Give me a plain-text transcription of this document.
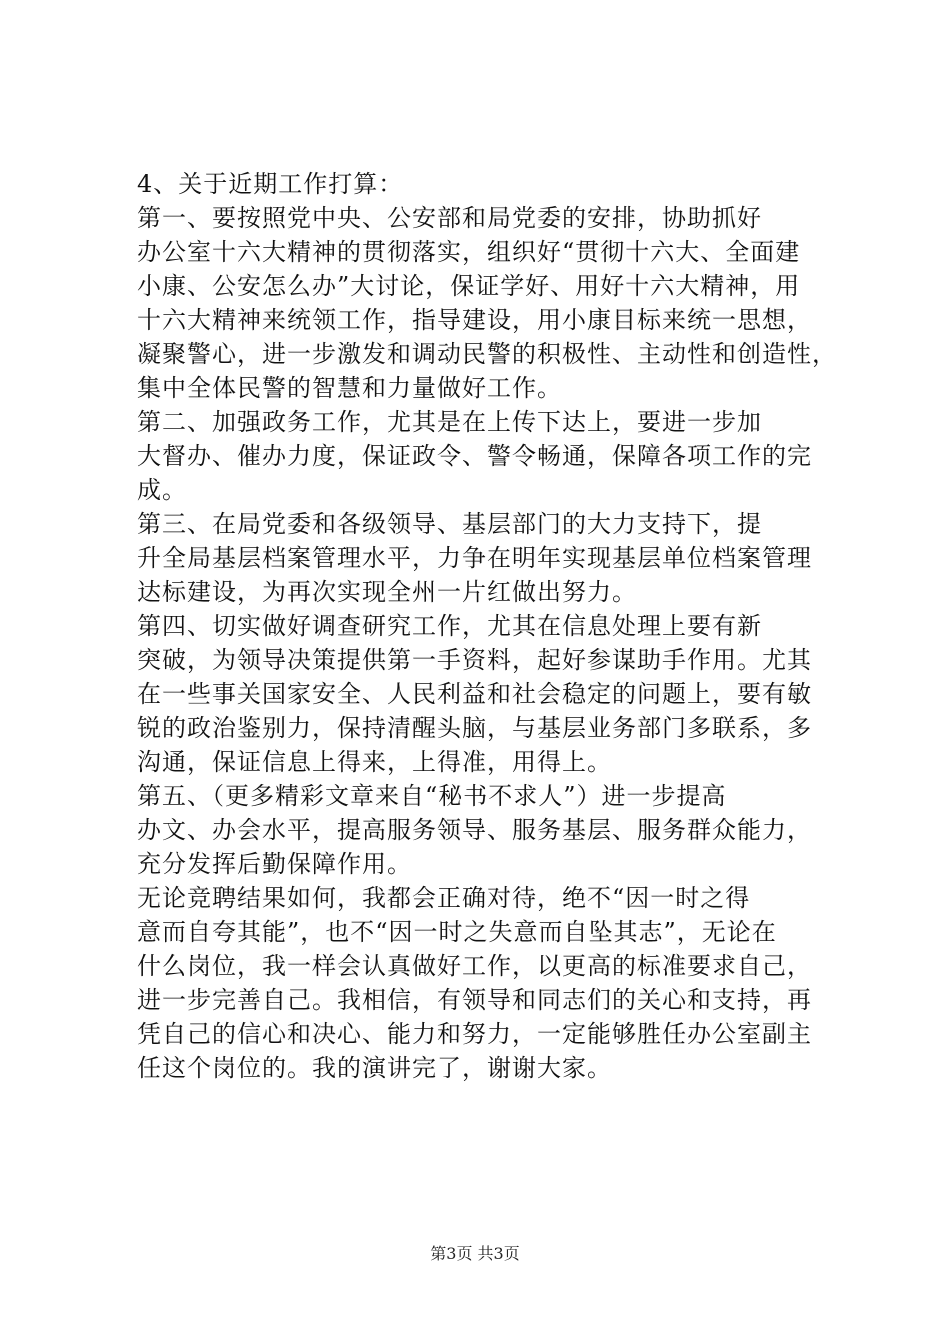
4、关于近期工作打算：
第一、要按照党中央、公安部和局党委的安排，协助抓好
办公室十六大精神的贯彻落实，组织好“贯彻十六大、全面建
小康、公安怎么办”大讨论，保证学好、用好十六大精神，用
十六大精神来统领工作，指导建设，用小康目标来统一思想，
凝聚警心，进一步激发和调动民警的积极性、主动性和创造性，
集中全体民警的智慧和力量做好工作。
第二、加强政务工作，尤其是在上传下达上，要进一步加
大督办、催办力度，保证政令、警令畅通，保障各项工作的完
成。
第三、在局党委和各级领导、基层部门的大力支持下，提
升全局基层档案管理水平，力争在明年实现基层单位档案管理
达标建设，为再次实现全州一片红做出努力。
第四、切实做好调查研究工作，尤其在信息处理上要有新
突破，为领导决策提供第一手资料，起好参谋助手作用。尤其
在一些事关国家安全、人民利益和社会稳定的问题上，要有敏
锐的政治鉴别力，保持清醒头脑，与基层业务部门多联系，多
沟通，保证信息上得来，上得准，用得上。
第五、（更多精彩文章来自“秘书不求人”）进一步提高
办文、办会水平，提高服务领导、服务基层、服务群众能力，
充分发挥后勤保障作用。
无论竞聘结果如何，我都会正确对待，绝不“因一时之得
意而自夸其能”，也不“因一时之失意而自坠其志”，无论在
什么岗位，我一样会认真做好工作，以更高的标准要求自己，
进一步完善自己。我相信，有领导和同志们的关心和支持，再
凭自己的信心和决心、能力和努力，一定能够胜任办公室副主
任这个岗位的。我的演讲完了，谢谢大家。
第3页 共3页
